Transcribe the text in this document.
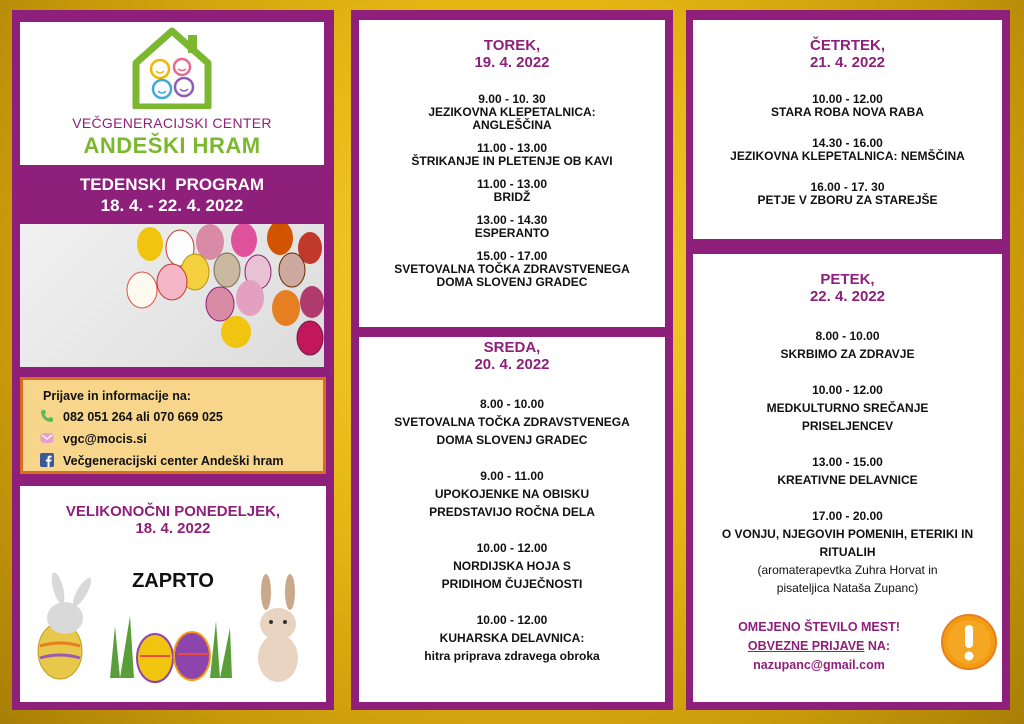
VEČGENERACIJSKI CENTER
ANDEŠKI HRAM
TEDENSKI  PROGRAM
18. 4. - 22. 4. 2022
Prijave in informacije na:
082 051 264 ali 070 669 025
vgc@mocis.si
Večgeneracijski center Andeški hram
VELIKONOČNI PONEDELJEK,
18. 4. 2022
ZAPRTO
TOREK,
19. 4. 2022
9.00 - 10. 30
JEZIKOVNA KLEPETALNICA: ANGLEŠČINA
11.00 - 13.00
ŠTRIKANJE IN PLETENJE OB KAVI
11.00 - 13.00
BRIDŽ
13.00 - 14.30
ESPERANTO
15.00 - 17.00
SVETOVALNA TOČKA ZDRAVSTVENEGA DOMA SLOVENJ GRADEC
SREDA,
20. 4. 2022
8.00 - 10.00
SVETOVALNA TOČKA ZDRAVSTVENEGA DOMA SLOVENJ GRADEC
9.00 - 11.00
UPOKOJENKE NA OBISKU PREDSTAVIJO ROČNA DELA
10.00 - 12.00
NORDIJSKA HOJA S PRIDIHOM ČUJEČNOSTI
10.00 - 12.00
KUHARSKA DELAVNICA:
hitra priprava zdravega obroka
ČETRTEK,
21. 4. 2022
10.00 - 12.00
STARA ROBA NOVA RABA
14.30 - 16.00
JEZIKOVNA KLEPETALNICA: NEMŠČINA
16.00 - 17. 30
PETJE V ZBORU ZA STAREJŠE
PETEK,
22. 4. 2022
8.00 - 10.00
SKRBIMO ZA ZDRAVJE
10.00 - 12.00
MEDKULTURNO SREČANJE PRISELJENCEV
13.00 - 15.00
KREATIVNE DELAVNICE
17.00 - 20.00
O VONJU, NJEGOVIH POMENIH, ETERIKI IN RITUALIH
(aromaterapevtka Zuhra Horvat in pisateljica Nataša Zupanc)
OMEJENO ŠTEVILO MEST!
OBVEZNE PRIJAVE NA:
nazupanc@gmail.com
